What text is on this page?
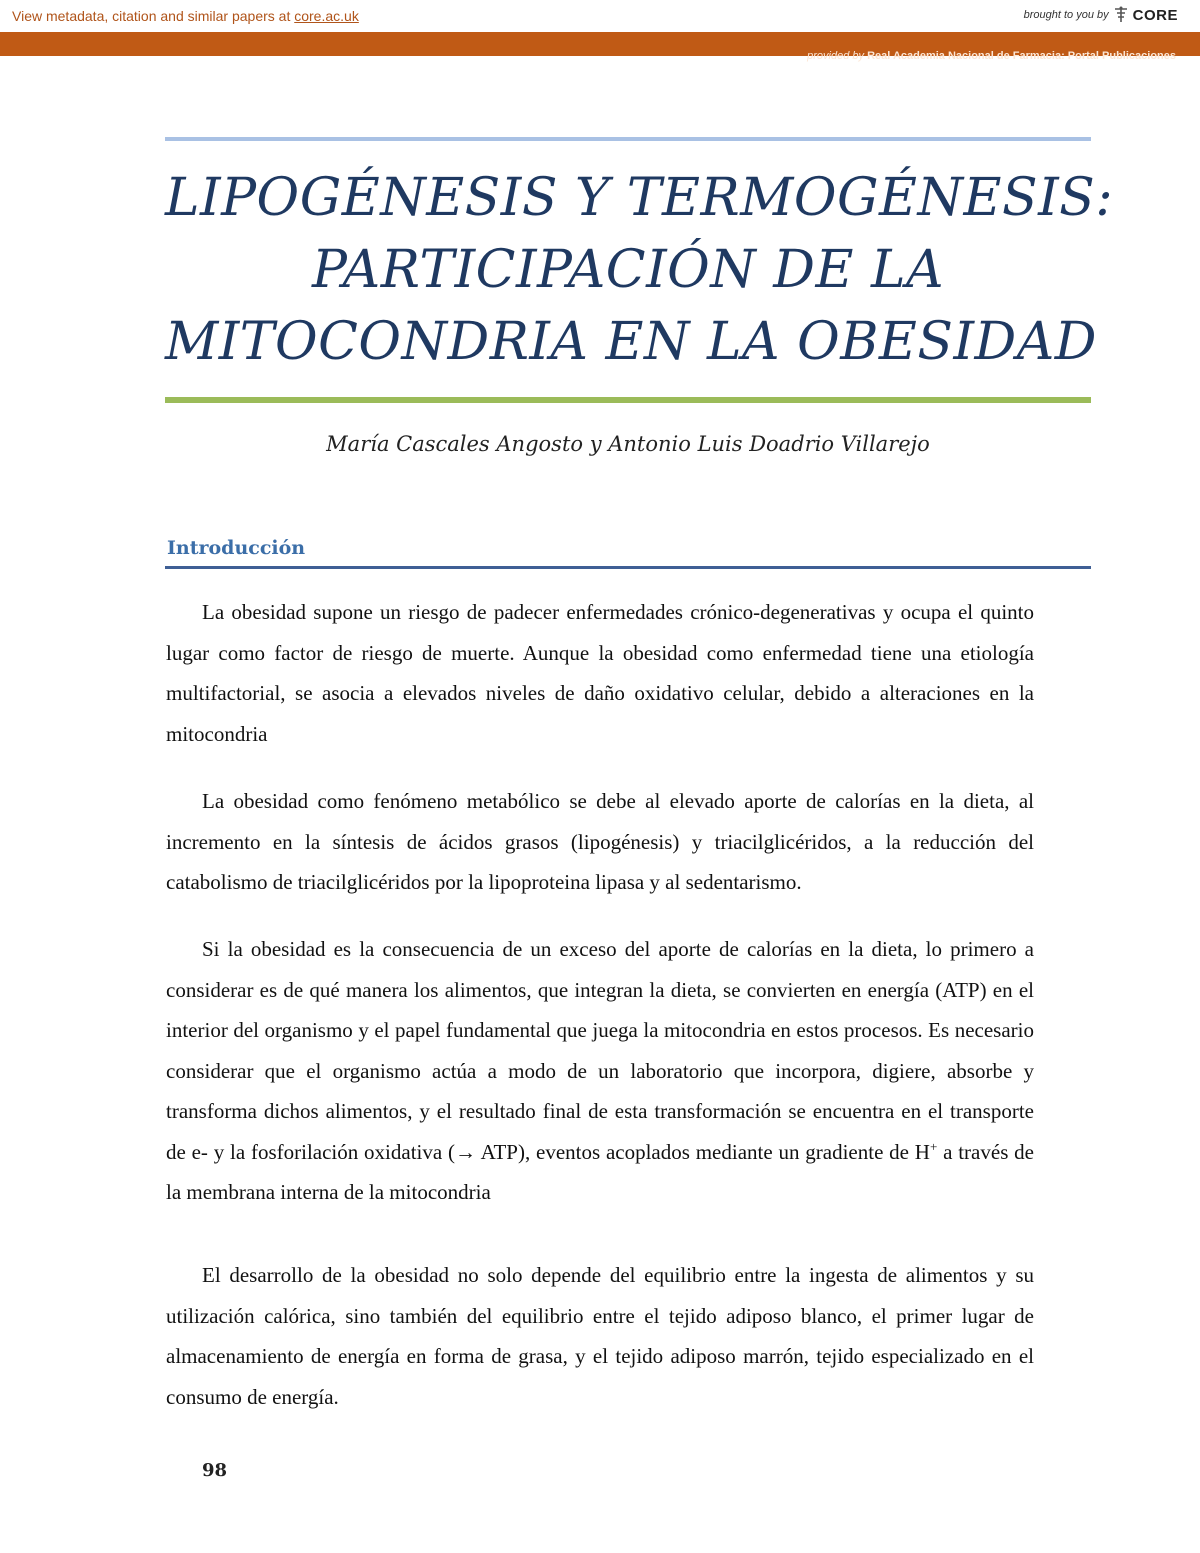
View metadata, citation and similar papers at core.ac.uk	brought to you by CORE
provided by Real Academia Nacional de Farmacia: Portal Publicaciones
LIPOGÉNESIS Y TERMOGÉNESIS:
PARTICIPACIÓN DE LA
MITOCONDRIA EN LA OBESIDAD
María Cascales Angosto y Antonio Luis Doadrio Villarejo
Introducción

La obesidad supone un riesgo de padecer enfermedades crónico-degenerativas y ocupa el quinto lugar como factor de riesgo de muerte. Aunque la obesidad como enfermedad tiene una etiología multifactorial, se asocia a elevados niveles de daño oxidativo celular, debido a alteraciones en la mitocondria

La obesidad como fenómeno metabólico se debe al elevado aporte de calorías en la dieta, al incremento en la síntesis de ácidos grasos (lipogénesis) y triacilglicéridos, a la reducción del catabolismo de triacilglicéridos por la lipoproteina lipasa y al sedentarismo.

Si la obesidad es la consecuencia de un exceso del aporte de calorías en la dieta, lo primero a considerar es de qué manera los alimentos, que integran la dieta, se convierten en energía (ATP) en el interior del organismo y el papel fundamental que juega la mitocondria en estos procesos. Es necesario considerar que el organismo actúa a modo de un laboratorio que incorpora, digiere, absorbe y transforma dichos alimentos, y el resultado final de esta transformación se encuentra en el transporte de e- y la fosforilación oxidativa (→ ATP), eventos acoplados mediante un gradiente de H+ a través de la membrana interna de la mitocondria

El desarrollo de la obesidad no solo depende del equilibrio entre la ingesta de alimentos y su utilización calórica, sino también del equilibrio entre el tejido adiposo blanco, el primer lugar de almacenamiento de energía en forma de grasa, y el tejido adiposo marrón, tejido especializado en el consumo de energía.

98
